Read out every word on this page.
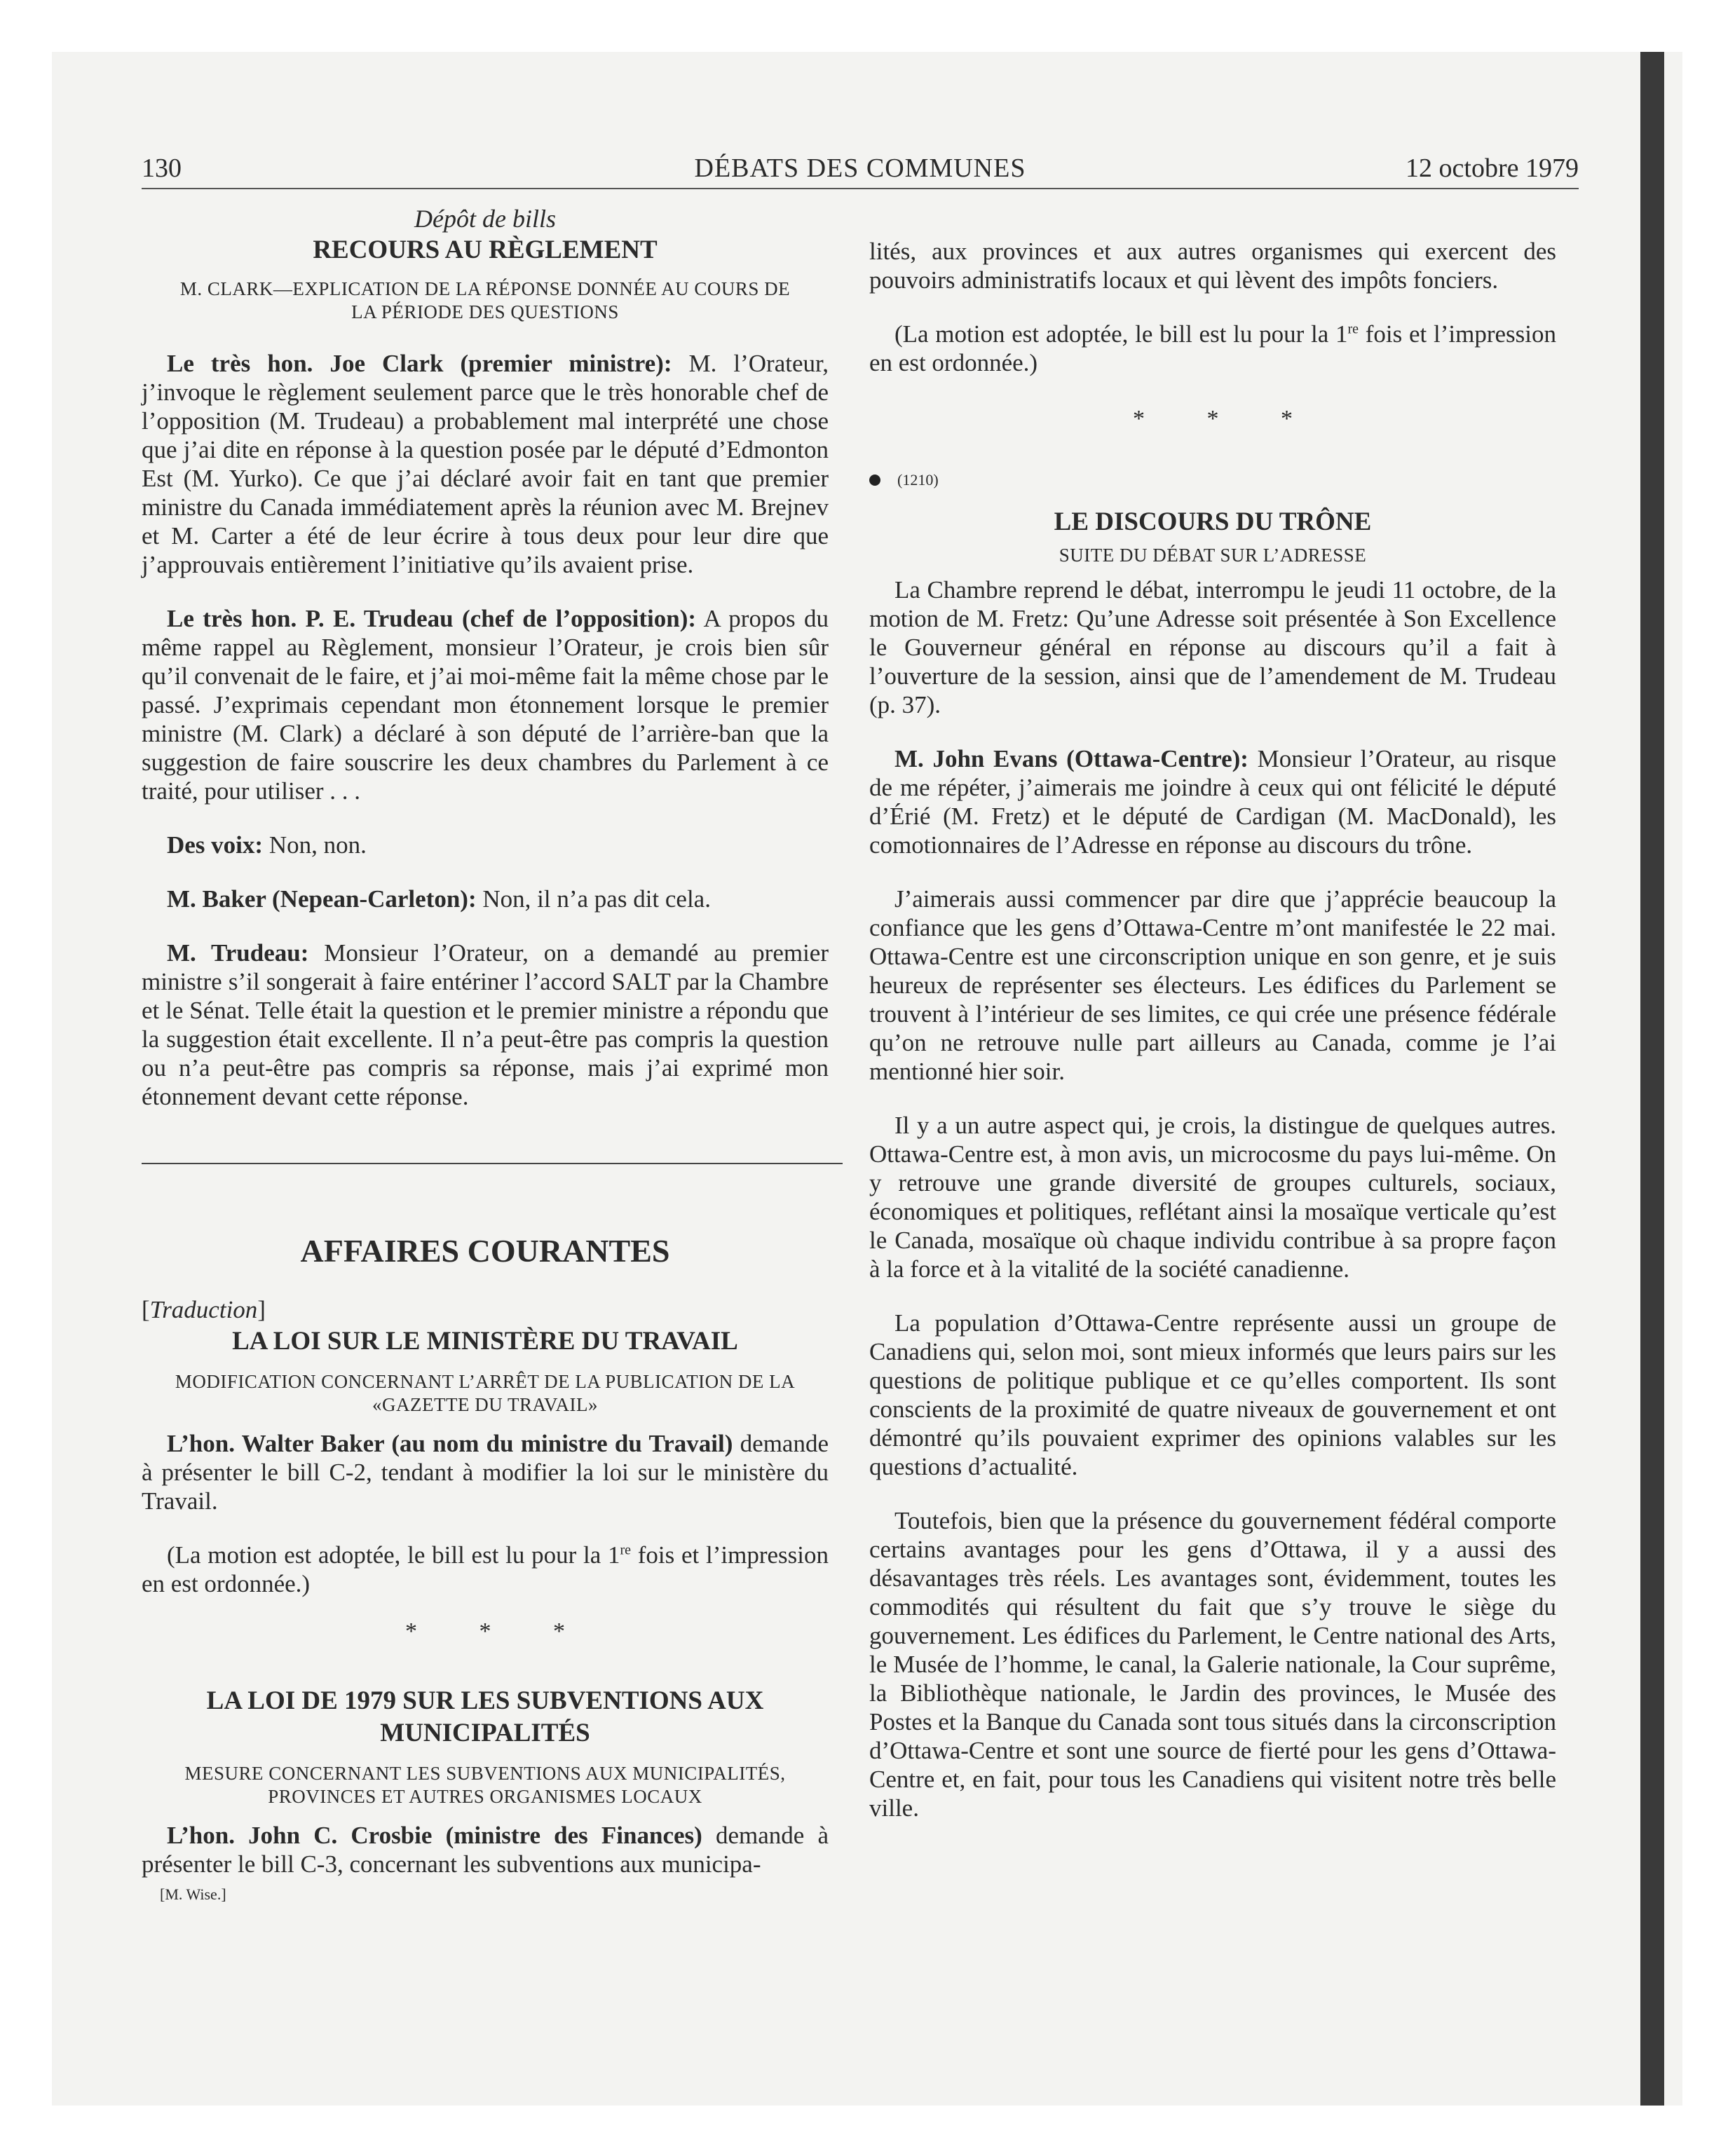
130	DÉBATS DES COMMUNES	12 octobre 1979

Dépôt de bills

RECOURS AU RÈGLEMENT

M. CLARK—EXPLICATION DE LA RÉPONSE DONNÉE AU COURS DE LA PÉRIODE DES QUESTIONS

Le très hon. Joe Clark (premier ministre): M. l’Orateur, j’invoque le règlement seulement parce que le très honorable chef de l’opposition (M. Trudeau) a probablement mal interprété une chose que j’ai dite en réponse à la question posée par le député d’Edmonton Est (M. Yurko). Ce que j’ai déclaré avoir fait en tant que premier ministre du Canada immédiatement après la réunion avec M. Brejnev et M. Carter a été de leur écrire à tous deux pour leur dire que j’approuvais entièrement l’initiative qu’ils avaient prise.

Le très hon. P. E. Trudeau (chef de l’opposition): A propos du même rappel au Règlement, monsieur l’Orateur, je crois bien sûr qu’il convenait de le faire, et j’ai moi-même fait la même chose par le passé. J’exprimais cependant mon étonnement lorsque le premier ministre (M. Clark) a déclaré à son député de l’arrière-ban que la suggestion de faire souscrire les deux chambres du Parlement à ce traité, pour utiliser . . .

Des voix: Non, non.

M. Baker (Nepean-Carleton): Non, il n’a pas dit cela.

M. Trudeau: Monsieur l’Orateur, on a demandé au premier ministre s’il songerait à faire entériner l’accord SALT par la Chambre et le Sénat. Telle était la question et le premier ministre a répondu que la suggestion était excellente. Il n’a peut-être pas compris la question ou n’a peut-être pas compris sa réponse, mais j’ai exprimé mon étonnement devant cette réponse.

AFFAIRES COURANTES

[Traduction]

LA LOI SUR LE MINISTÈRE DU TRAVAIL

MODIFICATION CONCERNANT L’ARRÊT DE LA PUBLICATION DE LA «GAZETTE DU TRAVAIL»

L’hon. Walter Baker (au nom du ministre du Travail) demande à présenter le bill C-2, tendant à modifier la loi sur le ministère du Travail.

(La motion est adoptée, le bill est lu pour la 1re fois et l’impression en est ordonnée.)

* * *

LA LOI DE 1979 SUR LES SUBVENTIONS AUX MUNICIPALITÉS

MESURE CONCERNANT LES SUBVENTIONS AUX MUNICIPALITÉS, PROVINCES ET AUTRES ORGANISMES LOCAUX

L’hon. John C. Crosbie (ministre des Finances) demande à présenter le bill C-3, concernant les subventions aux municipa-

[M. Wise.]

lités, aux provinces et aux autres organismes qui exercent des pouvoirs administratifs locaux et qui lèvent des impôts fonciers.

(La motion est adoptée, le bill est lu pour la 1re fois et l’impression en est ordonnée.)

* * *

(1210)

LE DISCOURS DU TRÔNE

SUITE DU DÉBAT SUR L’ADRESSE

La Chambre reprend le débat, interrompu le jeudi 11 octobre, de la motion de M. Fretz: Qu’une Adresse soit présentée à Son Excellence le Gouverneur général en réponse au discours qu’il a fait à l’ouverture de la session, ainsi que de l’amendement de M. Trudeau (p. 37).

M. John Evans (Ottawa-Centre): Monsieur l’Orateur, au risque de me répéter, j’aimerais me joindre à ceux qui ont félicité le député d’Érié (M. Fretz) et le député de Cardigan (M. MacDonald), les comotionnaires de l’Adresse en réponse au discours du trône.

J’aimerais aussi commencer par dire que j’apprécie beaucoup la confiance que les gens d’Ottawa-Centre m’ont manifestée le 22 mai. Ottawa-Centre est une circonscription unique en son genre, et je suis heureux de représenter ses électeurs. Les édifices du Parlement se trouvent à l’intérieur de ses limites, ce qui crée une présence fédérale qu’on ne retrouve nulle part ailleurs au Canada, comme je l’ai mentionné hier soir.

Il y a un autre aspect qui, je crois, la distingue de quelques autres. Ottawa-Centre est, à mon avis, un microcosme du pays lui-même. On y retrouve une grande diversité de groupes culturels, sociaux, économiques et politiques, reflétant ainsi la mosaïque verticale qu’est le Canada, mosaïque où chaque individu contribue à sa propre façon à la force et à la vitalité de la société canadienne.

La population d’Ottawa-Centre représente aussi un groupe de Canadiens qui, selon moi, sont mieux informés que leurs pairs sur les questions de politique publique et ce qu’elles comportent. Ils sont conscients de la proximité de quatre niveaux de gouvernement et ont démontré qu’ils pouvaient exprimer des opinions valables sur les questions d’actualité.

Toutefois, bien que la présence du gouvernement fédéral comporte certains avantages pour les gens d’Ottawa, il y a aussi des désavantages très réels. Les avantages sont, évidemment, toutes les commodités qui résultent du fait que s’y trouve le siège du gouvernement. Les édifices du Parlement, le Centre national des Arts, le Musée de l’homme, le canal, la Galerie nationale, la Cour suprême, la Bibliothèque nationale, le Jardin des provinces, le Musée des Postes et la Banque du Canada sont tous situés dans la circonscription d’Ottawa-Centre et sont une source de fierté pour les gens d’Ottawa-Centre et, en fait, pour tous les Canadiens qui visitent notre très belle ville.
